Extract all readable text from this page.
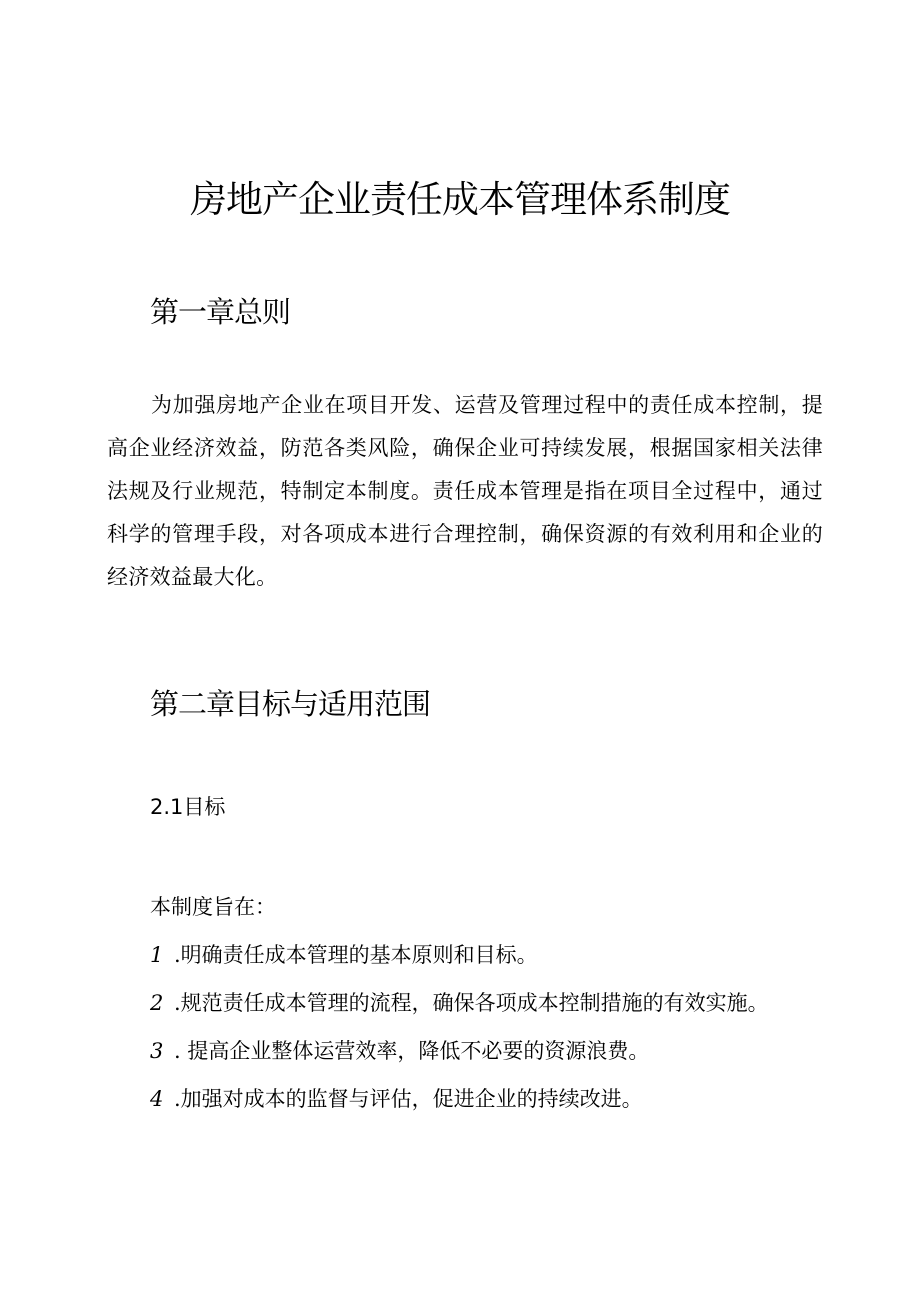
房地产企业责任成本管理体系制度
第一章总则
为加强房地产企业在项目开发、运营及管理过程中的责任成本控制，提高企业经济效益，防范各类风险，确保企业可持续发展，根据国家相关法律法规及行业规范，特制定本制度。责任成本管理是指在项目全过程中，通过科学的管理手段，对各项成本进行合理控制，确保资源的有效利用和企业的经济效益最大化。
第二章目标与适用范围
2.1目标
本制度旨在：
1 .明确责任成本管理的基本原则和目标。
2 .规范责任成本管理的流程，确保各项成本控制措施的有效实施。
3 . 提高企业整体运营效率，降低不必要的资源浪费。
4 .加强对成本的监督与评估，促进企业的持续改进。
